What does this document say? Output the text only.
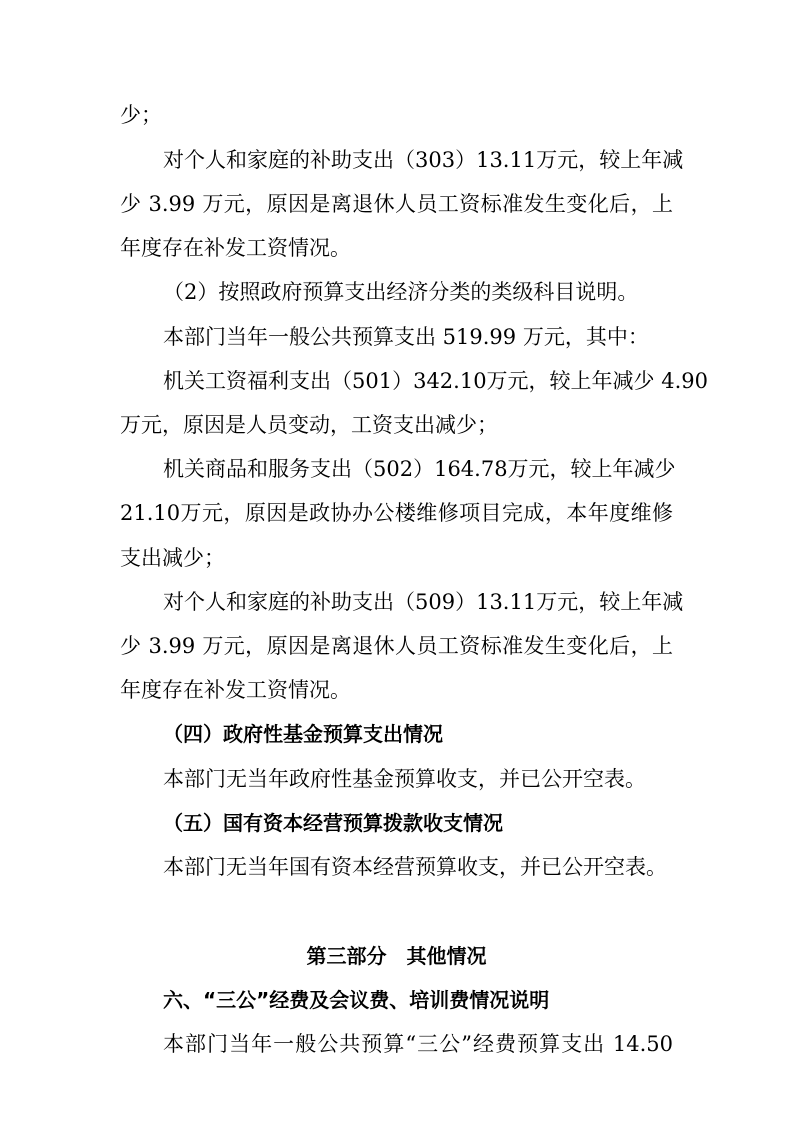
少；
对个人和家庭的补助支出（303）13.11万元，较上年减
少 3.99 万元，原因是离退休人员工资标准发生变化后，上
年度存在补发工资情况。
（2）按照政府预算支出经济分类的类级科目说明。
本部门当年一般公共预算支出 519.99 万元，其中：
机关工资福利支出（501）342.10万元，较上年减少 4.90
万元，原因是人员变动，工资支出减少；
机关商品和服务支出（502）164.78万元，较上年减少
21.10万元，原因是政协办公楼维修项目完成，本年度维修
支出减少；
对个人和家庭的补助支出（509）13.11万元，较上年减
少 3.99 万元，原因是离退休人员工资标准发生变化后，上
年度存在补发工资情况。
（四）政府性基金预算支出情况
本部门无当年政府性基金预算收支，并已公开空表。
（五）国有资本经营预算拨款收支情况
本部门无当年国有资本经营预算收支，并已公开空表。
第三部分　其他情况
六、“三公”经费及会议费、培训费情况说明
本部门当年一般公共预算“三公”经费预算支出 14.50
